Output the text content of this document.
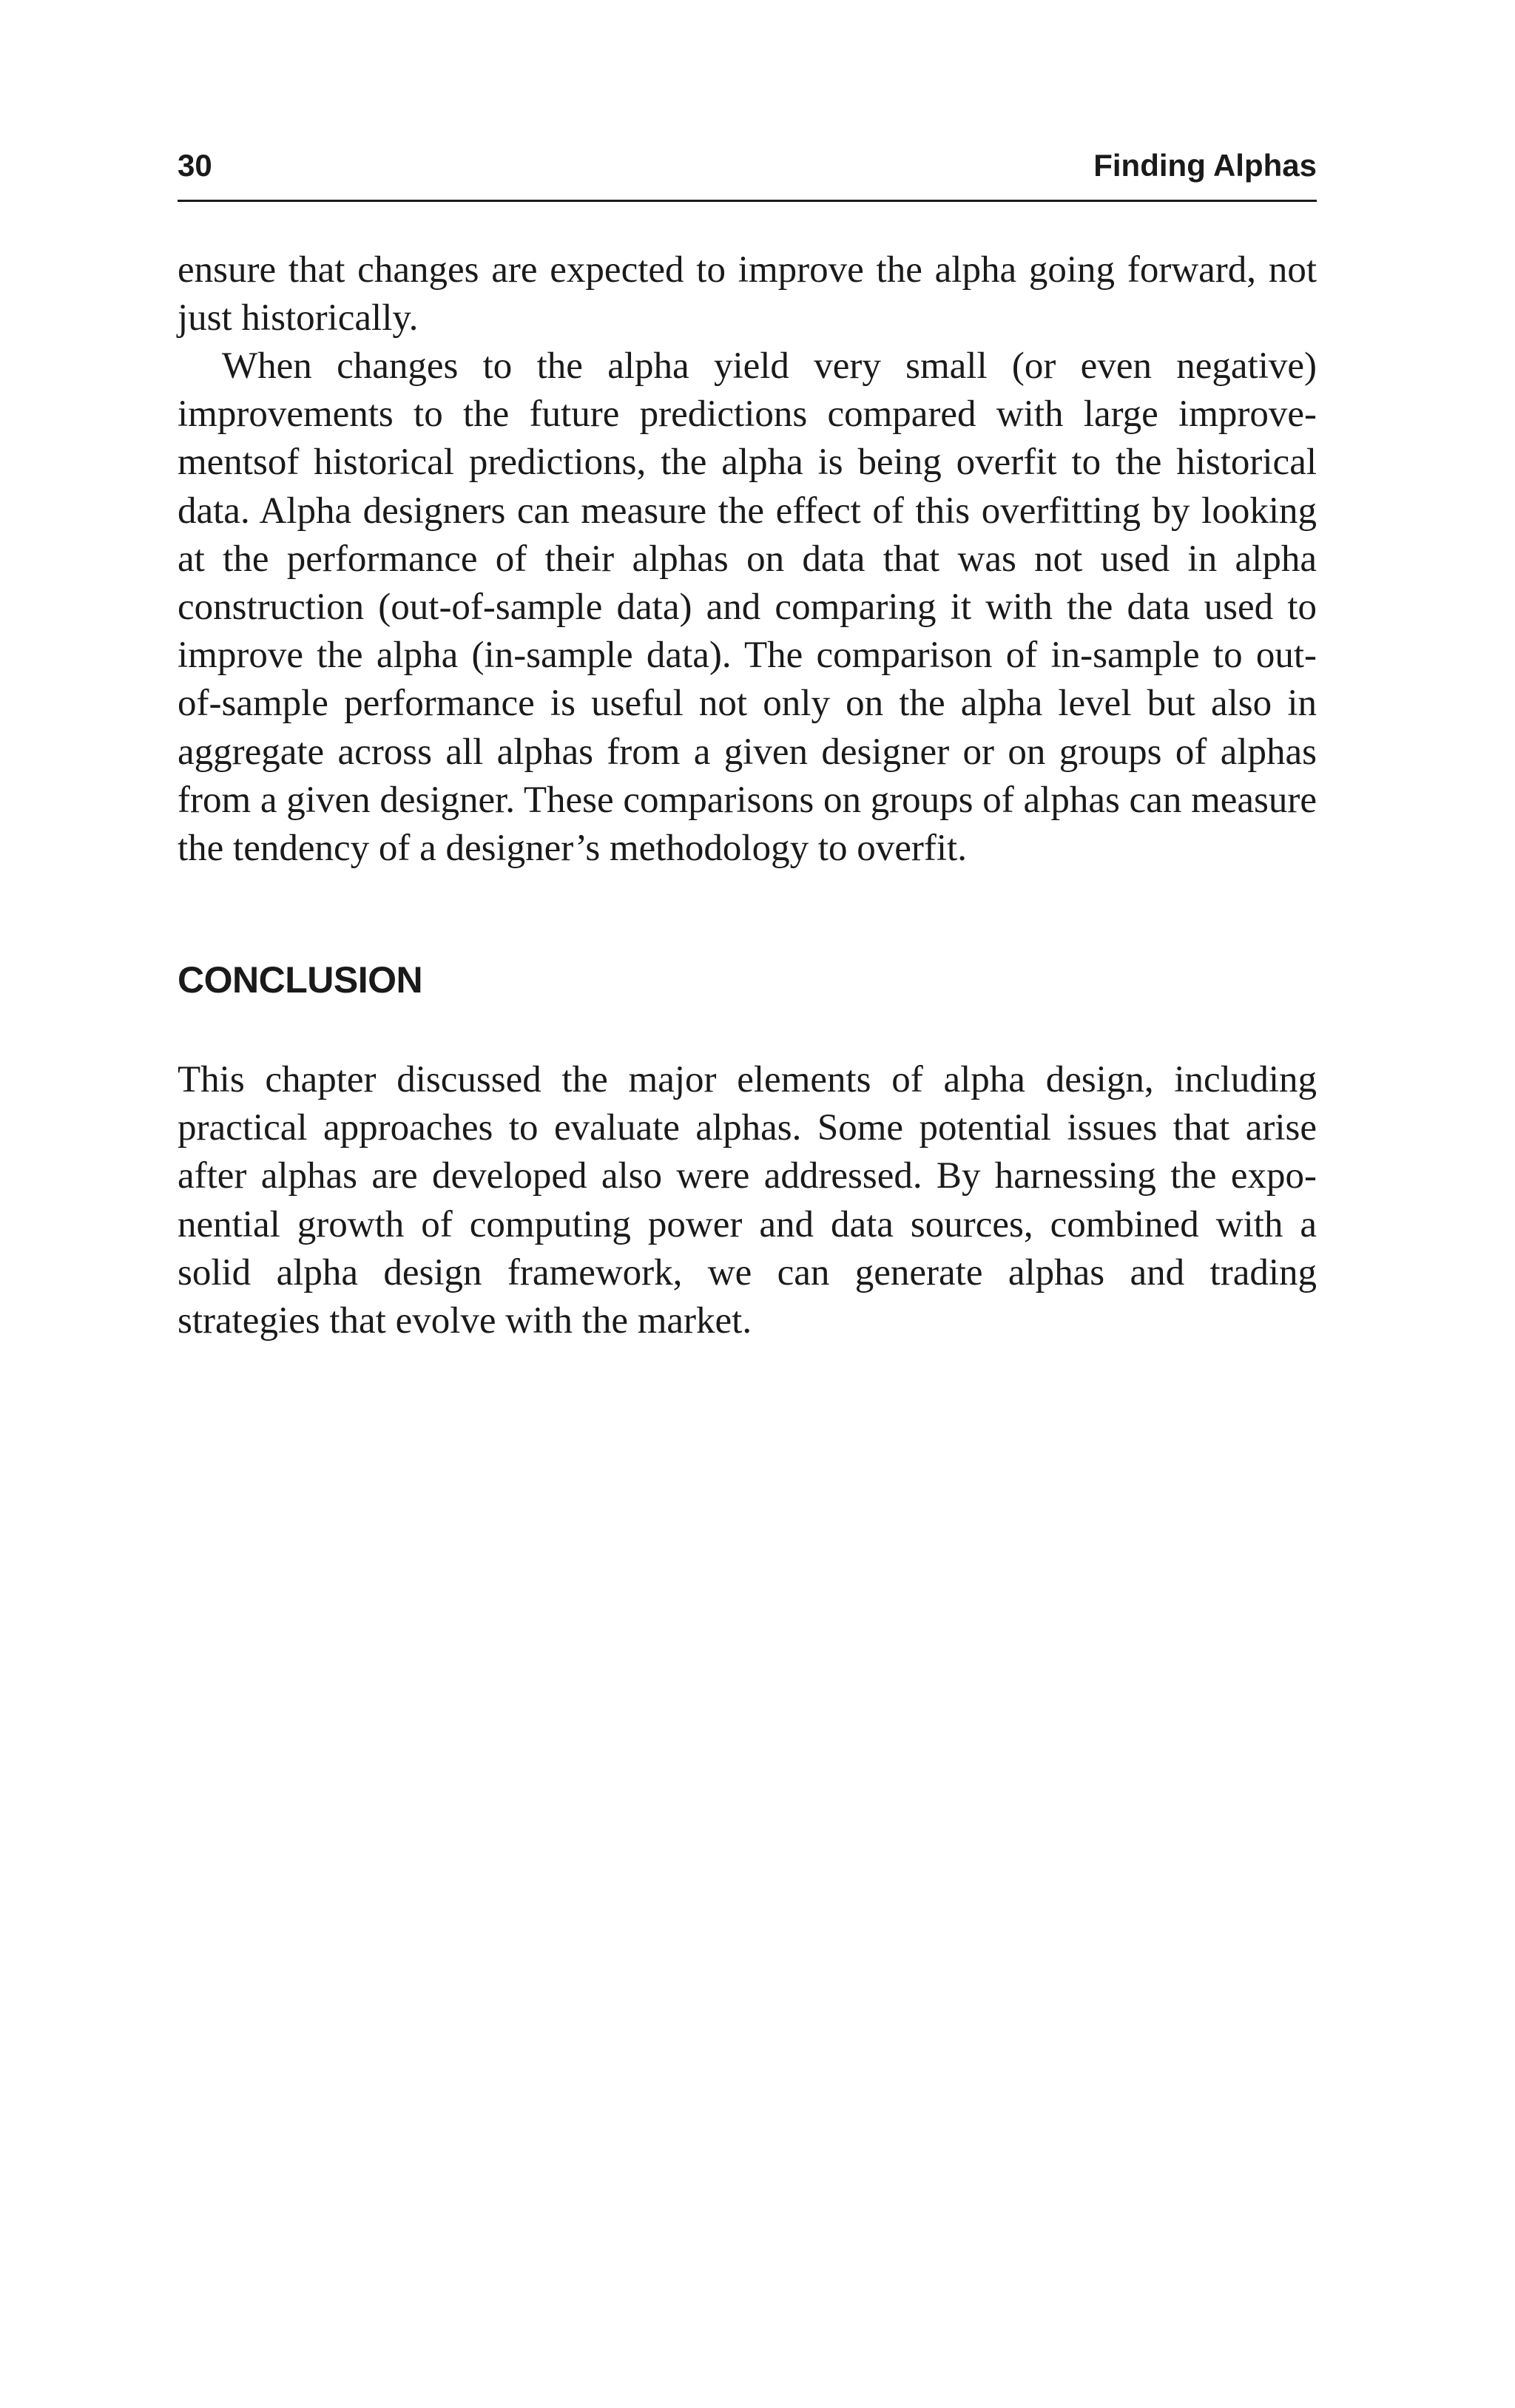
30	Finding Alphas

ensure that changes are expected to improve the alpha going forward, not just historically.

When changes to the alpha yield very small (or even negative) improvements to the future predictions compared with large improvementsof historical predictions, the alpha is being overfit to the historical data. Alpha designers can measure the effect of this overfitting by looking at the performance of their alphas on data that was not used in alpha construction (out-of-sample data) and comparing it with the data used to improve the alpha (in-sample data). The comparison of in-sample to out-of-sample performance is useful not only on the alpha level but also in aggregate across all alphas from a given designer or on groups of alphas from a given designer. These comparisons on groups of alphas can measure the tendency of a designer’s methodology to overfit.

CONCLUSION

This chapter discussed the major elements of alpha design, including practical approaches to evaluate alphas. Some potential issues that arise after alphas are developed also were addressed. By harnessing the exponential growth of computing power and data sources, combined with a solid alpha design framework, we can generate alphas and trading strategies that evolve with the market.
